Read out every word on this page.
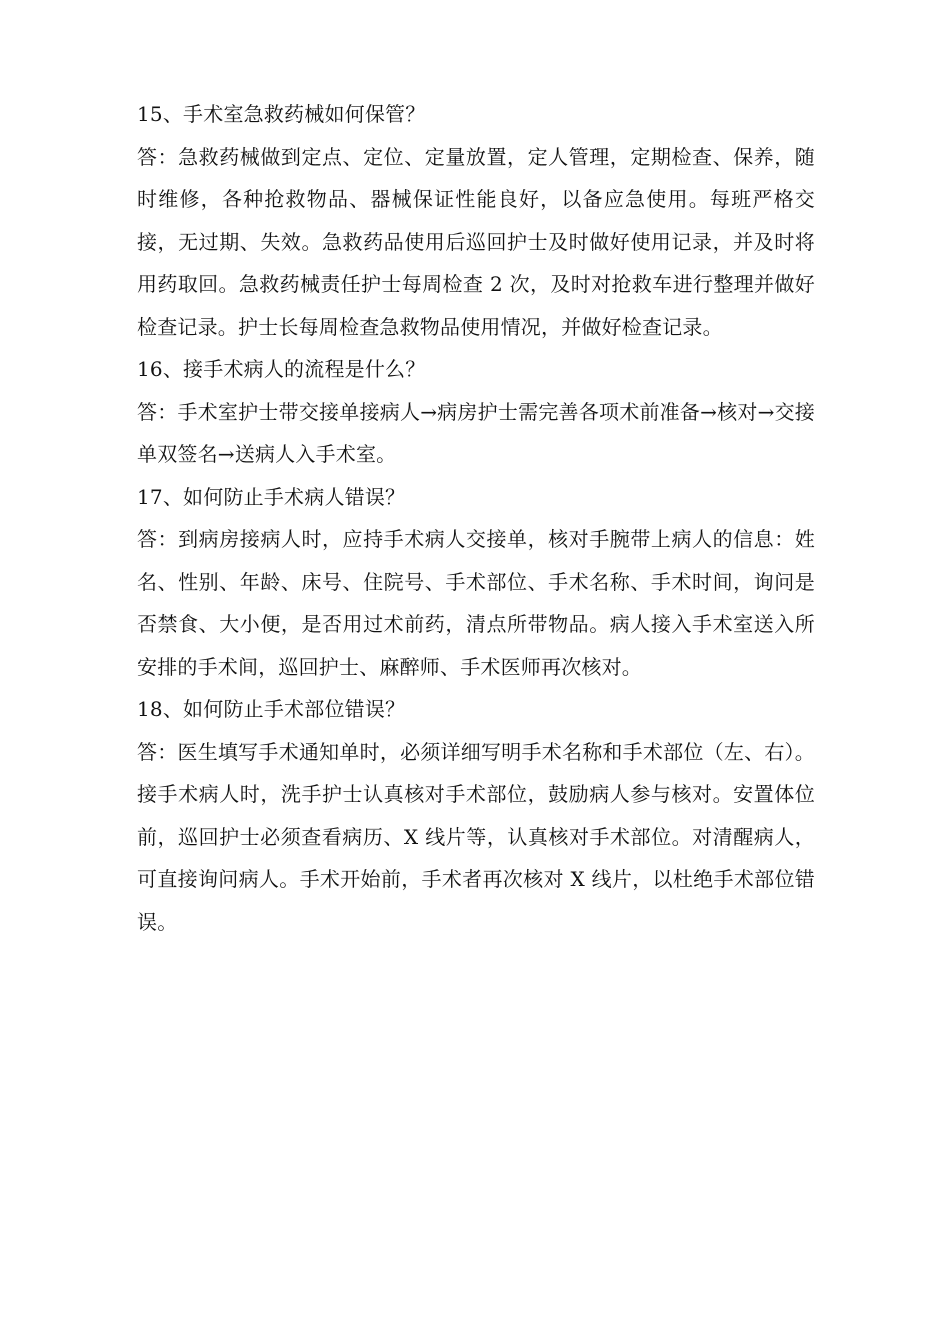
15、手术室急救药械如何保管？

答：急救药械做到定点、定位、定量放置，定人管理，定期检查、保养，随时维修，各种抢救物品、器械保证性能良好，以备应急使用。每班严格交接，无过期、失效。急救药品使用后巡回护士及时做好使用记录，并及时将用药取回。急救药械责任护士每周检查 2 次，及时对抢救车进行整理并做好检查记录。护士长每周检查急救物品使用情况，并做好检查记录。

16、接手术病人的流程是什么？

答：手术室护士带交接单接病人→病房护士需完善各项术前准备→核对→交接单双签名→送病人入手术室。

17、如何防止手术病人错误？

答：到病房接病人时，应持手术病人交接单，核对手腕带上病人的信息：姓名、性别、年龄、床号、住院号、手术部位、手术名称、手术时间，询问是否禁食、大小便，是否用过术前药，清点所带物品。病人接入手术室送入所安排的手术间，巡回护士、麻醉师、手术医师再次核对。

18、如何防止手术部位错误？

答：医生填写手术通知单时，必须详细写明手术名称和手术部位（左、右）。接手术病人时，洗手护士认真核对手术部位，鼓励病人参与核对。安置体位前，巡回护士必须查看病历、X 线片等，认真核对手术部位。对清醒病人，可直接询问病人。手术开始前，手术者再次核对 X 线片，以杜绝手术部位错误。
